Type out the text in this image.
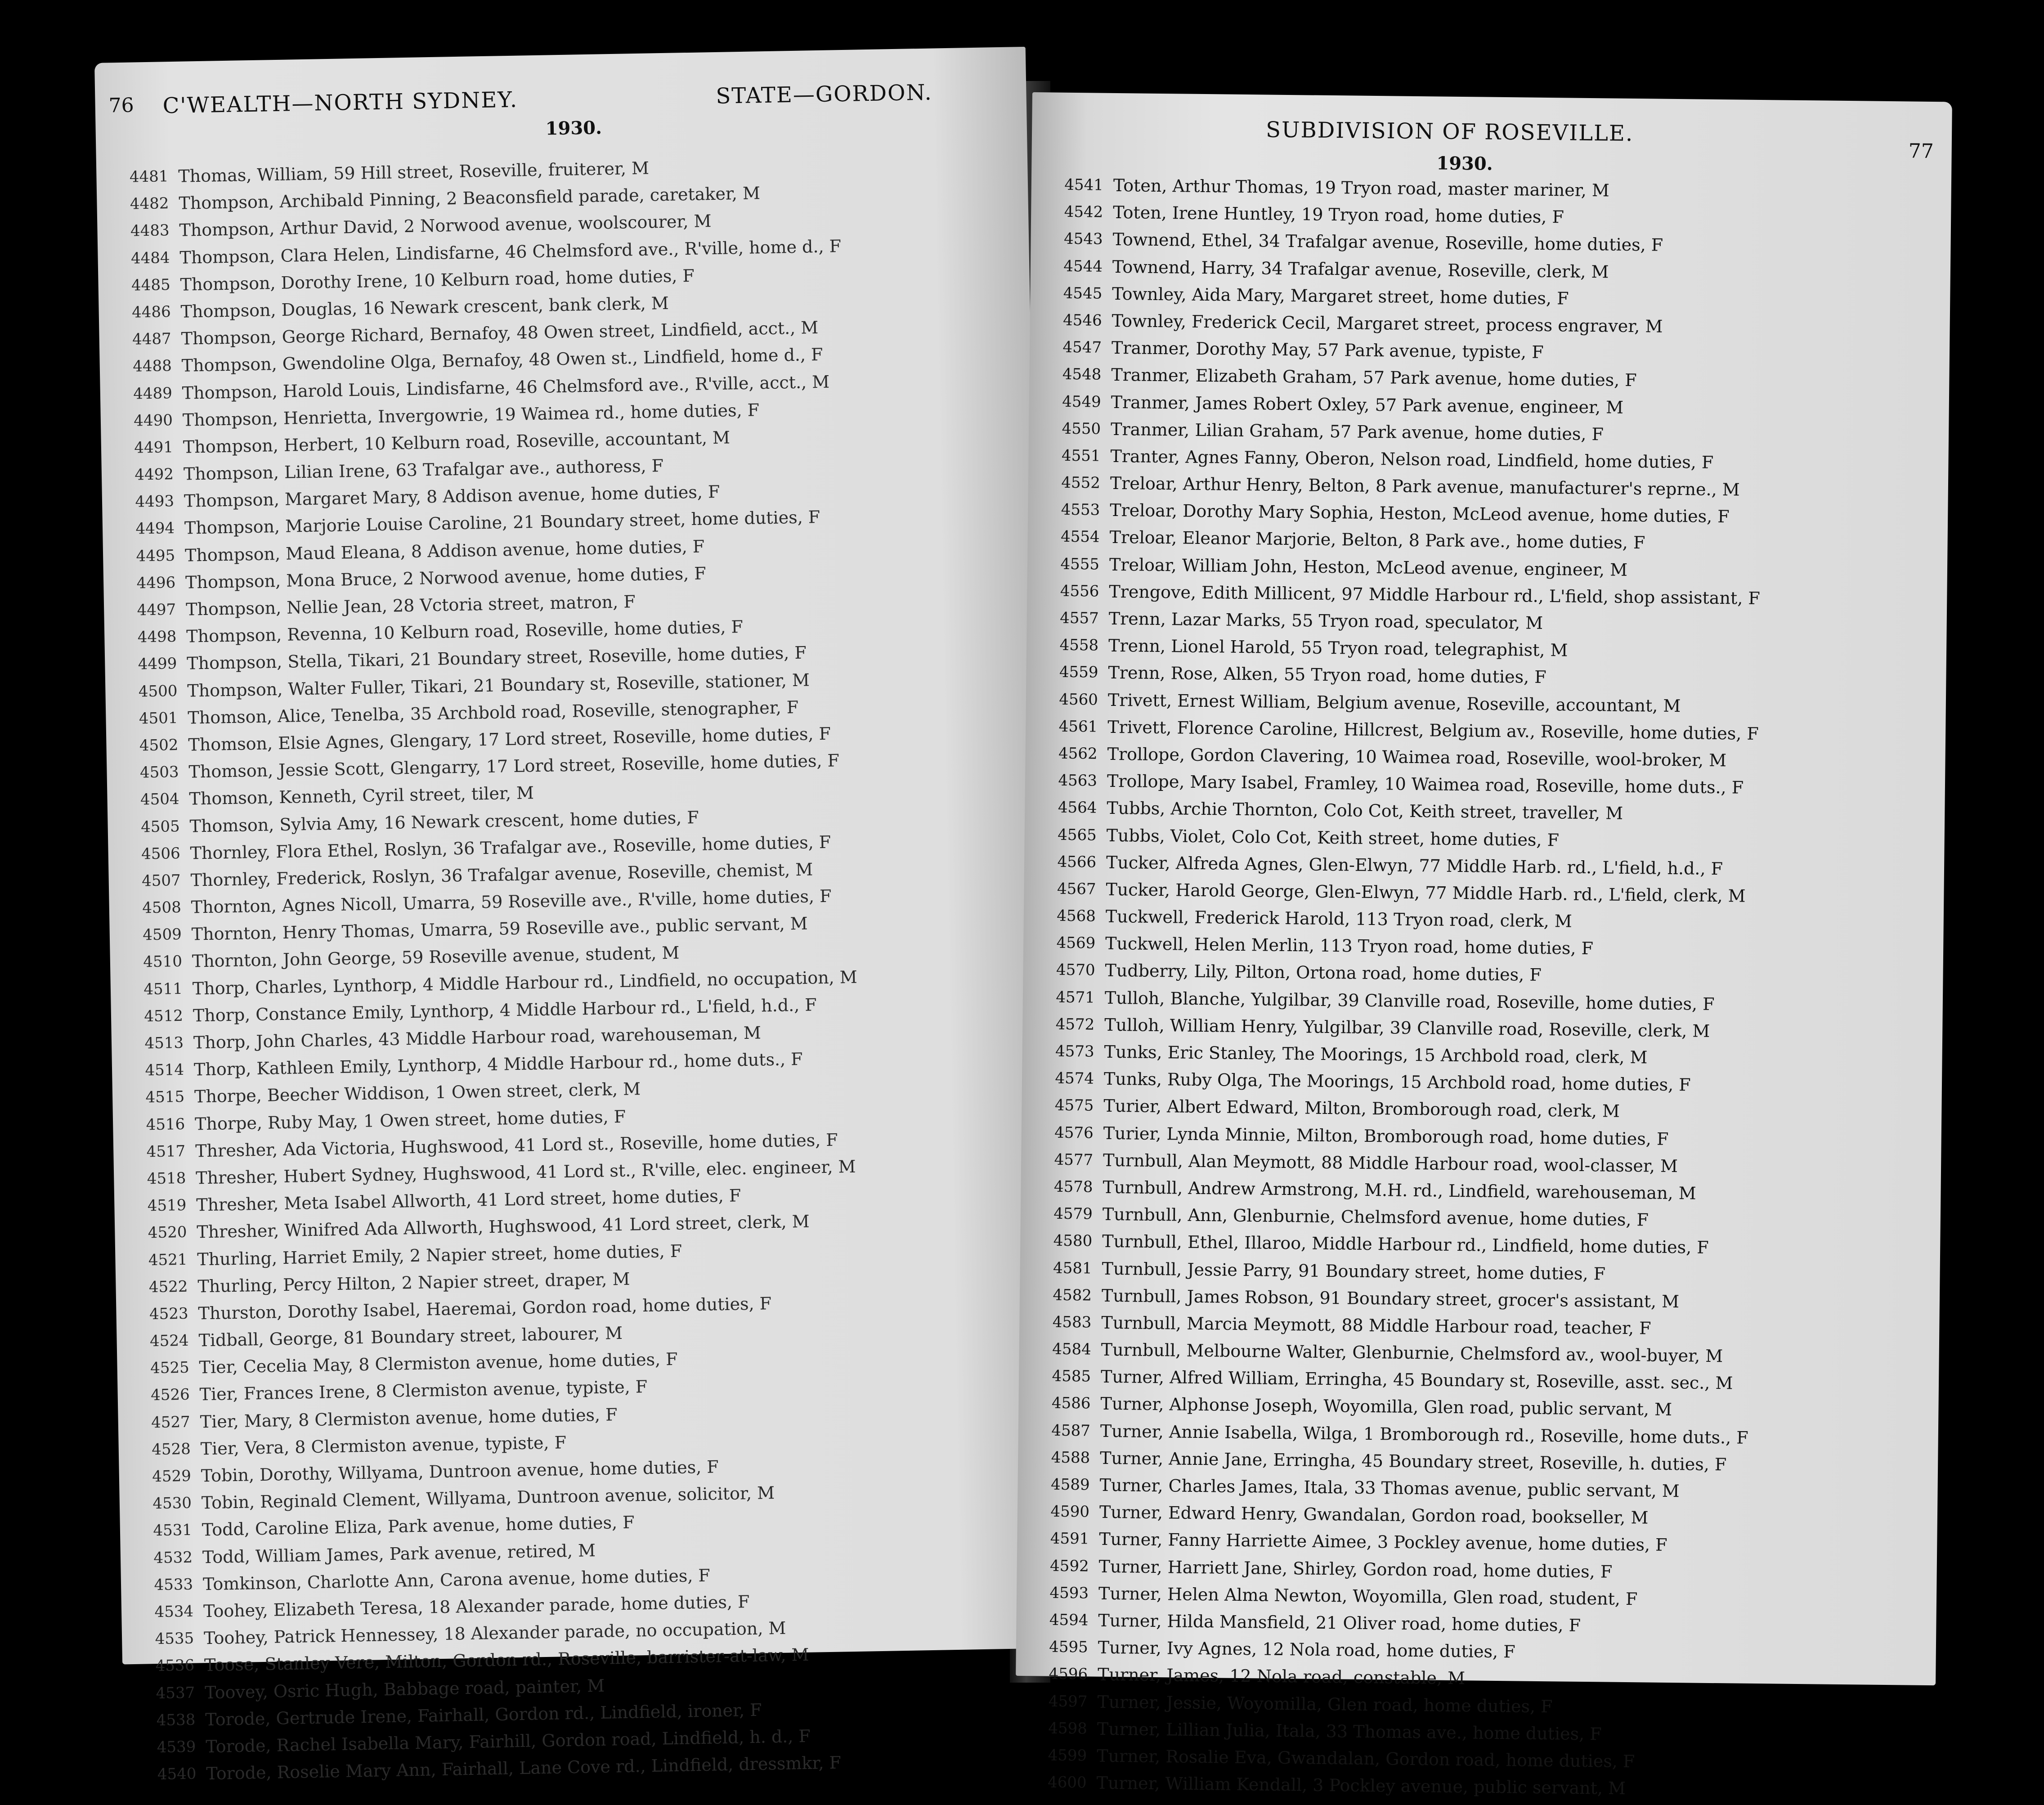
76 C'WEALTH—NORTH SYDNEY.	STATE—GORDON.
1930.
4481 Thomas, William, 59 Hill street, Roseville, fruiterer, M
4482 Thompson, Archibald Pinning, 2 Beaconsfield parade, caretaker, M
4483 Thompson, Arthur David, 2 Norwood avenue, woolscourer, M
4484 Thompson, Clara Helen, Lindisfarne, 46 Chelmsford ave., R'ville, home d., F
4485 Thompson, Dorothy Irene, 10 Kelburn road, home duties, F
4486 Thompson, Douglas, 16 Newark crescent, bank clerk, M
4487 Thompson, George Richard, Bernafoy, 48 Owen street, Lindfield, acct., M
4488 Thompson, Gwendoline Olga, Bernafoy, 48 Owen st., Lindfield, home d., F
4489 Thompson, Harold Louis, Lindisfarne, 46 Chelmsford ave., R'ville, acct., M
4490 Thompson, Henrietta, Invergowrie, 19 Waimea rd., home duties, F
4491 Thompson, Herbert, 10 Kelburn road, Roseville, accountant, M
4492 Thompson, Lilian Irene, 63 Trafalgar ave., authoress, F
4493 Thompson, Margaret Mary, 8 Addison avenue, home duties, F
4494 Thompson, Marjorie Louise Caroline, 21 Boundary street, home duties, F
4495 Thompson, Maud Eleana, 8 Addison avenue, home duties, F
4496 Thompson, Mona Bruce, 2 Norwood avenue, home duties, F
4497 Thompson, Nellie Jean, 28 Vctoria street, matron, F
4498 Thompson, Revenna, 10 Kelburn road, Roseville, home duties, F
4499 Thompson, Stella, Tikari, 21 Boundary street, Roseville, home duties, F
4500 Thompson, Walter Fuller, Tikari, 21 Boundary st, Roseville, stationer, M
4501 Thomson, Alice, Tenelba, 35 Archbold road, Roseville, stenographer, F
4502 Thomson, Elsie Agnes, Glengary, 17 Lord street, Roseville, home duties, F
4503 Thomson, Jessie Scott, Glengarry, 17 Lord street, Roseville, home duties, F
4504 Thomson, Kenneth, Cyril street, tiler, M
4505 Thomson, Sylvia Amy, 16 Newark crescent, home duties, F
4506 Thornley, Flora Ethel, Roslyn, 36 Trafalgar ave., Roseville, home duties, F
4507 Thornley, Frederick, Roslyn, 36 Trafalgar avenue, Roseville, chemist, M
4508 Thornton, Agnes Nicoll, Umarra, 59 Roseville ave., R'ville, home duties, F
4509 Thornton, Henry Thomas, Umarra, 59 Roseville ave., public servant, M
4510 Thornton, John George, 59 Roseville avenue, student, M
4511 Thorp, Charles, Lynthorp, 4 Middle Harbour rd., Lindfield, no occupation, M
4512 Thorp, Constance Emily, Lynthorp, 4 Middle Harbour rd., L'field, h.d., F
4513 Thorp, John Charles, 43 Middle Harbour road, warehouseman, M
4514 Thorp, Kathleen Emily, Lynthorp, 4 Middle Harbour rd., home duts., F
4515 Thorpe, Beecher Widdison, 1 Owen street, clerk, M
4516 Thorpe, Ruby May, 1 Owen street, home duties, F
4517 Thresher, Ada Victoria, Hughswood, 41 Lord st., Roseville, home duties, F
4518 Thresher, Hubert Sydney, Hughswood, 41 Lord st., R'ville, elec. engineer, M
4519 Thresher, Meta Isabel Allworth, 41 Lord street, home duties, F
4520 Thresher, Winifred Ada Allworth, Hughswood, 41 Lord street, clerk, M
4521 Thurling, Harriet Emily, 2 Napier street, home duties, F
4522 Thurling, Percy Hilton, 2 Napier street, draper, M
4523 Thurston, Dorothy Isabel, Haeremai, Gordon road, home duties, F
4524 Tidball, George, 81 Boundary street, labourer, M
4525 Tier, Cecelia May, 8 Clermiston avenue, home duties, F
4526 Tier, Frances Irene, 8 Clermiston avenue, typiste, F
4527 Tier, Mary, 8 Clermiston avenue, home duties, F
4528 Tier, Vera, 8 Clermiston avenue, typiste, F
4529 Tobin, Dorothy, Willyama, Duntroon avenue, home duties, F
4530 Tobin, Reginald Clement, Willyama, Duntroon avenue, solicitor, M
4531 Todd, Caroline Eliza, Park avenue, home duties, F
4532 Todd, William James, Park avenue, retired, M
4533 Tomkinson, Charlotte Ann, Carona avenue, home duties, F
4534 Toohey, Elizabeth Teresa, 18 Alexander parade, home duties, F
4535 Toohey, Patrick Hennessey, 18 Alexander parade, no occupation, M
4536 Toose, Stanley Vere, Milton, Gordon rd., Roseville, barrister-at-law, M
4537 Toovey, Osric Hugh, Babbage road, painter, M
4538 Torode, Gertrude Irene, Fairhall, Gordon rd., Lindfield, ironer, F
4539 Torode, Rachel Isabella Mary, Fairhill, Gordon road, Lindfield, h. d., F
4540 Torode, Roselie Mary Ann, Fairhall, Lane Cove rd., Lindfield, dressmkr, F
SUBDIVISION OF ROSEVILLE.
77
1930.
4541 Toten, Arthur Thomas, 19 Tryon road, master mariner, M
4542 Toten, Irene Huntley, 19 Tryon road, home duties, F
4543 Townend, Ethel, 34 Trafalgar avenue, Roseville, home duties, F
4544 Townend, Harry, 34 Trafalgar avenue, Roseville, clerk, M
4545 Townley, Aida Mary, Margaret street, home duties, F
4546 Townley, Frederick Cecil, Margaret street, process engraver, M
4547 Tranmer, Dorothy May, 57 Park avenue, typiste, F
4548 Tranmer, Elizabeth Graham, 57 Park avenue, home duties, F
4549 Tranmer, James Robert Oxley, 57 Park avenue, engineer, M
4550 Tranmer, Lilian Graham, 57 Park avenue, home duties, F
4551 Tranter, Agnes Fanny, Oberon, Nelson road, Lindfield, home duties, F
4552 Treloar, Arthur Henry, Belton, 8 Park avenue, manufacturer's reprne., M
4553 Treloar, Dorothy Mary Sophia, Heston, McLeod avenue, home duties, F
4554 Treloar, Eleanor Marjorie, Belton, 8 Park ave., home duties, F
4555 Treloar, William John, Heston, McLeod avenue, engineer, M
4556 Trengove, Edith Millicent, 97 Middle Harbour rd., L'field, shop assistant, F
4557 Trenn, Lazar Marks, 55 Tryon road, speculator, M
4558 Trenn, Lionel Harold, 55 Tryon road, telegraphist, M
4559 Trenn, Rose, Alken, 55 Tryon road, home duties, F
4560 Trivett, Ernest William, Belgium avenue, Roseville, accountant, M
4561 Trivett, Florence Caroline, Hillcrest, Belgium av., Roseville, home duties, F
4562 Trollope, Gordon Clavering, 10 Waimea road, Roseville, wool-broker, M
4563 Trollope, Mary Isabel, Framley, 10 Waimea road, Roseville, home duts., F
4564 Tubbs, Archie Thornton, Colo Cot, Keith street, traveller, M
4565 Tubbs, Violet, Colo Cot, Keith street, home duties, F
4566 Tucker, Alfreda Agnes, Glen-Elwyn, 77 Middle Harb. rd., L'field, h.d., F
4567 Tucker, Harold George, Glen-Elwyn, 77 Middle Harb. rd., L'field, clerk, M
4568 Tuckwell, Frederick Harold, 113 Tryon road, clerk, M
4569 Tuckwell, Helen Merlin, 113 Tryon road, home duties, F
4570 Tudberry, Lily, Pilton, Ortona road, home duties, F
4571 Tulloh, Blanche, Yulgilbar, 39 Clanville road, Roseville, home duties, F
4572 Tulloh, William Henry, Yulgilbar, 39 Clanville road, Roseville, clerk, M
4573 Tunks, Eric Stanley, The Moorings, 15 Archbold road, clerk, M
4574 Tunks, Ruby Olga, The Moorings, 15 Archbold road, home duties, F
4575 Turier, Albert Edward, Milton, Bromborough road, clerk, M
4576 Turier, Lynda Minnie, Milton, Bromborough road, home duties, F
4577 Turnbull, Alan Meymott, 88 Middle Harbour road, wool-classer, M
4578 Turnbull, Andrew Armstrong, M.H. rd., Lindfield, warehouseman, M
4579 Turnbull, Ann, Glenburnie, Chelmsford avenue, home duties, F
4580 Turnbull, Ethel, Illaroo, Middle Harbour rd., Lindfield, home duties, F
4581 Turnbull, Jessie Parry, 91 Boundary street, home duties, F
4582 Turnbull, James Robson, 91 Boundary street, grocer's assistant, M
4583 Turnbull, Marcia Meymott, 88 Middle Harbour road, teacher, F
4584 Turnbull, Melbourne Walter, Glenburnie, Chelmsford av., wool-buyer, M
4585 Turner, Alfred William, Erringha, 45 Boundary st, Roseville, asst. sec., M
4586 Turner, Alphonse Joseph, Woyomilla, Glen road, public servant, M
4587 Turner, Annie Isabella, Wilga, 1 Bromborough rd., Roseville, home duts., F
4588 Turner, Annie Jane, Erringha, 45 Boundary street, Roseville, h. duties, F
4589 Turner, Charles James, Itala, 33 Thomas avenue, public servant, M
4590 Turner, Edward Henry, Gwandalan, Gordon road, bookseller, M
4591 Turner, Fanny Harriette Aimee, 3 Pockley avenue, home duties, F
4592 Turner, Harriett Jane, Shirley, Gordon road, home duties, F
4593 Turner, Helen Alma Newton, Woyomilla, Glen road, student, F
4594 Turner, Hilda Mansfield, 21 Oliver road, home duties, F
4595 Turner, Ivy Agnes, 12 Nola road, home duties, F
4596 Turner, James, 12 Nola road, constable, M
4597 Turner, Jessie, Woyomilla, Glen road, home duties, F
4598 Turner, Lillian Julia, Itala, 33 Thomas ave., home duties, F
4599 Turner, Rosalie Eva, Gwandalan, Gordon road, home duties, F
4600 Turner, William Kendall, 3 Pockley avenue, public servant, M
